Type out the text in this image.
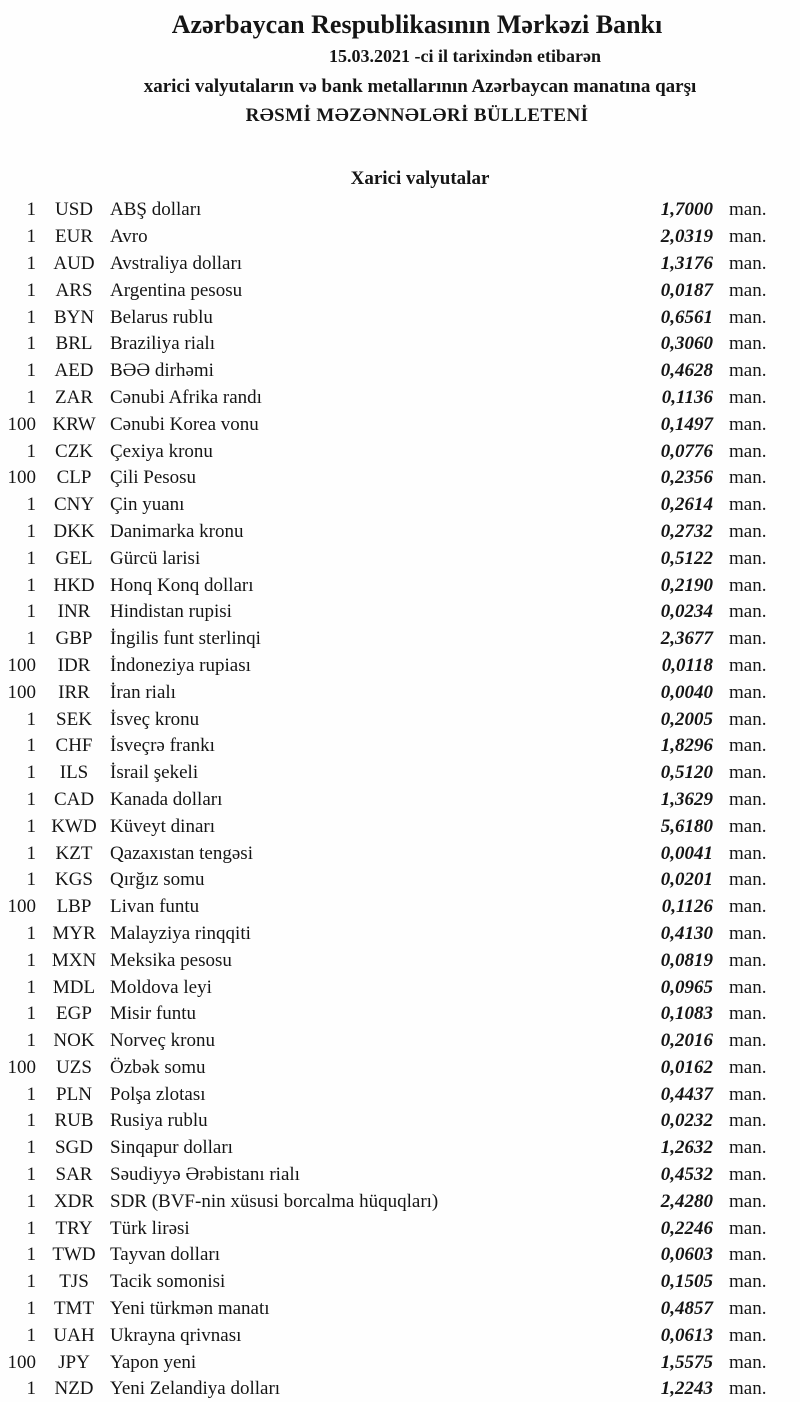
Azərbaycan Respublikasının Mərkəzi Bankı
15.03.2021 -ci il tarixindən etibarən
xarici valyutaların və bank metallarının Azərbaycan manatına qarşı
RƏSMİ MƏZƏNNƏLƏRİ BÜLLETENİ
Xarici valyutalar
1 USD ABŞ dolları	1,7000 man.
1	EUR Avro	2,0319 man.
1 AUD Avstraliya dolları	1,3176 man.
1	ARS Argentina pesosu	0,0187 man.
1 BYN Belarus rublu	0,6561 man.
1	BRL Braziliya rialı	0,3060 man.
1 AED BƏƏ dirhəmi	0,4628 man.
1	ZAR Cənubi Afrika randı	0,1136 man.
100 KRW Cənubi Korea vonu	0,1497 man.
1	CZK Çexiya kronu	0,0776 man.
100	CLP Çili Pesosu	0,2356 man.
1 CNY Çin yuanı	0,2614 man.
1 DKK Danimarka kronu	0,2732 man.
1	GEL Gürcü larisi	0,5122 man.
1 HKD Honq Konq dolları	0,2190 man.
1	INR	Hindistan rupisi	0,0234 man.
1	GBP İngilis funt sterlinqi	2,3677 man.
100	IDR	İndoneziya rupiası	0,0118 man.
100	IRR	İran rialı	0,0040 man.
1	SEK İsveç kronu	0,2005 man.
1	CHF İsveçrə frankı	1,8296 man.
1	ILS	İsrail şekeli	0,5120 man.
1 CAD Kanada dolları	1,3629 man.
1 KWD Küveyt dinarı	5,6180 man.
1	KZT Qazaxıstan tengəsi	0,0041 man.
1 KGS Qırğız somu	0,0201 man.
100	LBP Livan funtu	0,1126 man.
1 MYR Malayziya rinqqiti	0,4130 man.
1 MXN Meksika pesosu	0,0819 man.
1 MDL Moldova leyi	0,0965 man.
1	EGP Misir funtu	0,1083 man.
1 NOK Norveç kronu	0,2016 man.
100	UZS Özbək somu	0,0162 man.
1	PLN Polşa zlotası	0,4437 man.
1 RUB Rusiya rublu	0,0232 man.
1 SGD Sinqapur dolları	1,2632 man.
1	SAR Səudiyyə Ərəbistanı rialı	0,4532 man.
1 XDR SDR (BVF-nin xüsusi borcalma hüquqları)	2,4280 man.
1	TRY Türk lirəsi	0,2246 man.
1 TWD Tayvan dolları	0,0603 man.
1	TJS	Tacik somonisi	0,1505 man.
1 TMT Yeni türkmən manatı	0,4857 man.
1 UAH Ukrayna qrivnası	0,0613 man.
100	JPY	Yapon yeni	1,5575 man.
1 NZD Yeni Zelandiya dolları	1,2243 man.
